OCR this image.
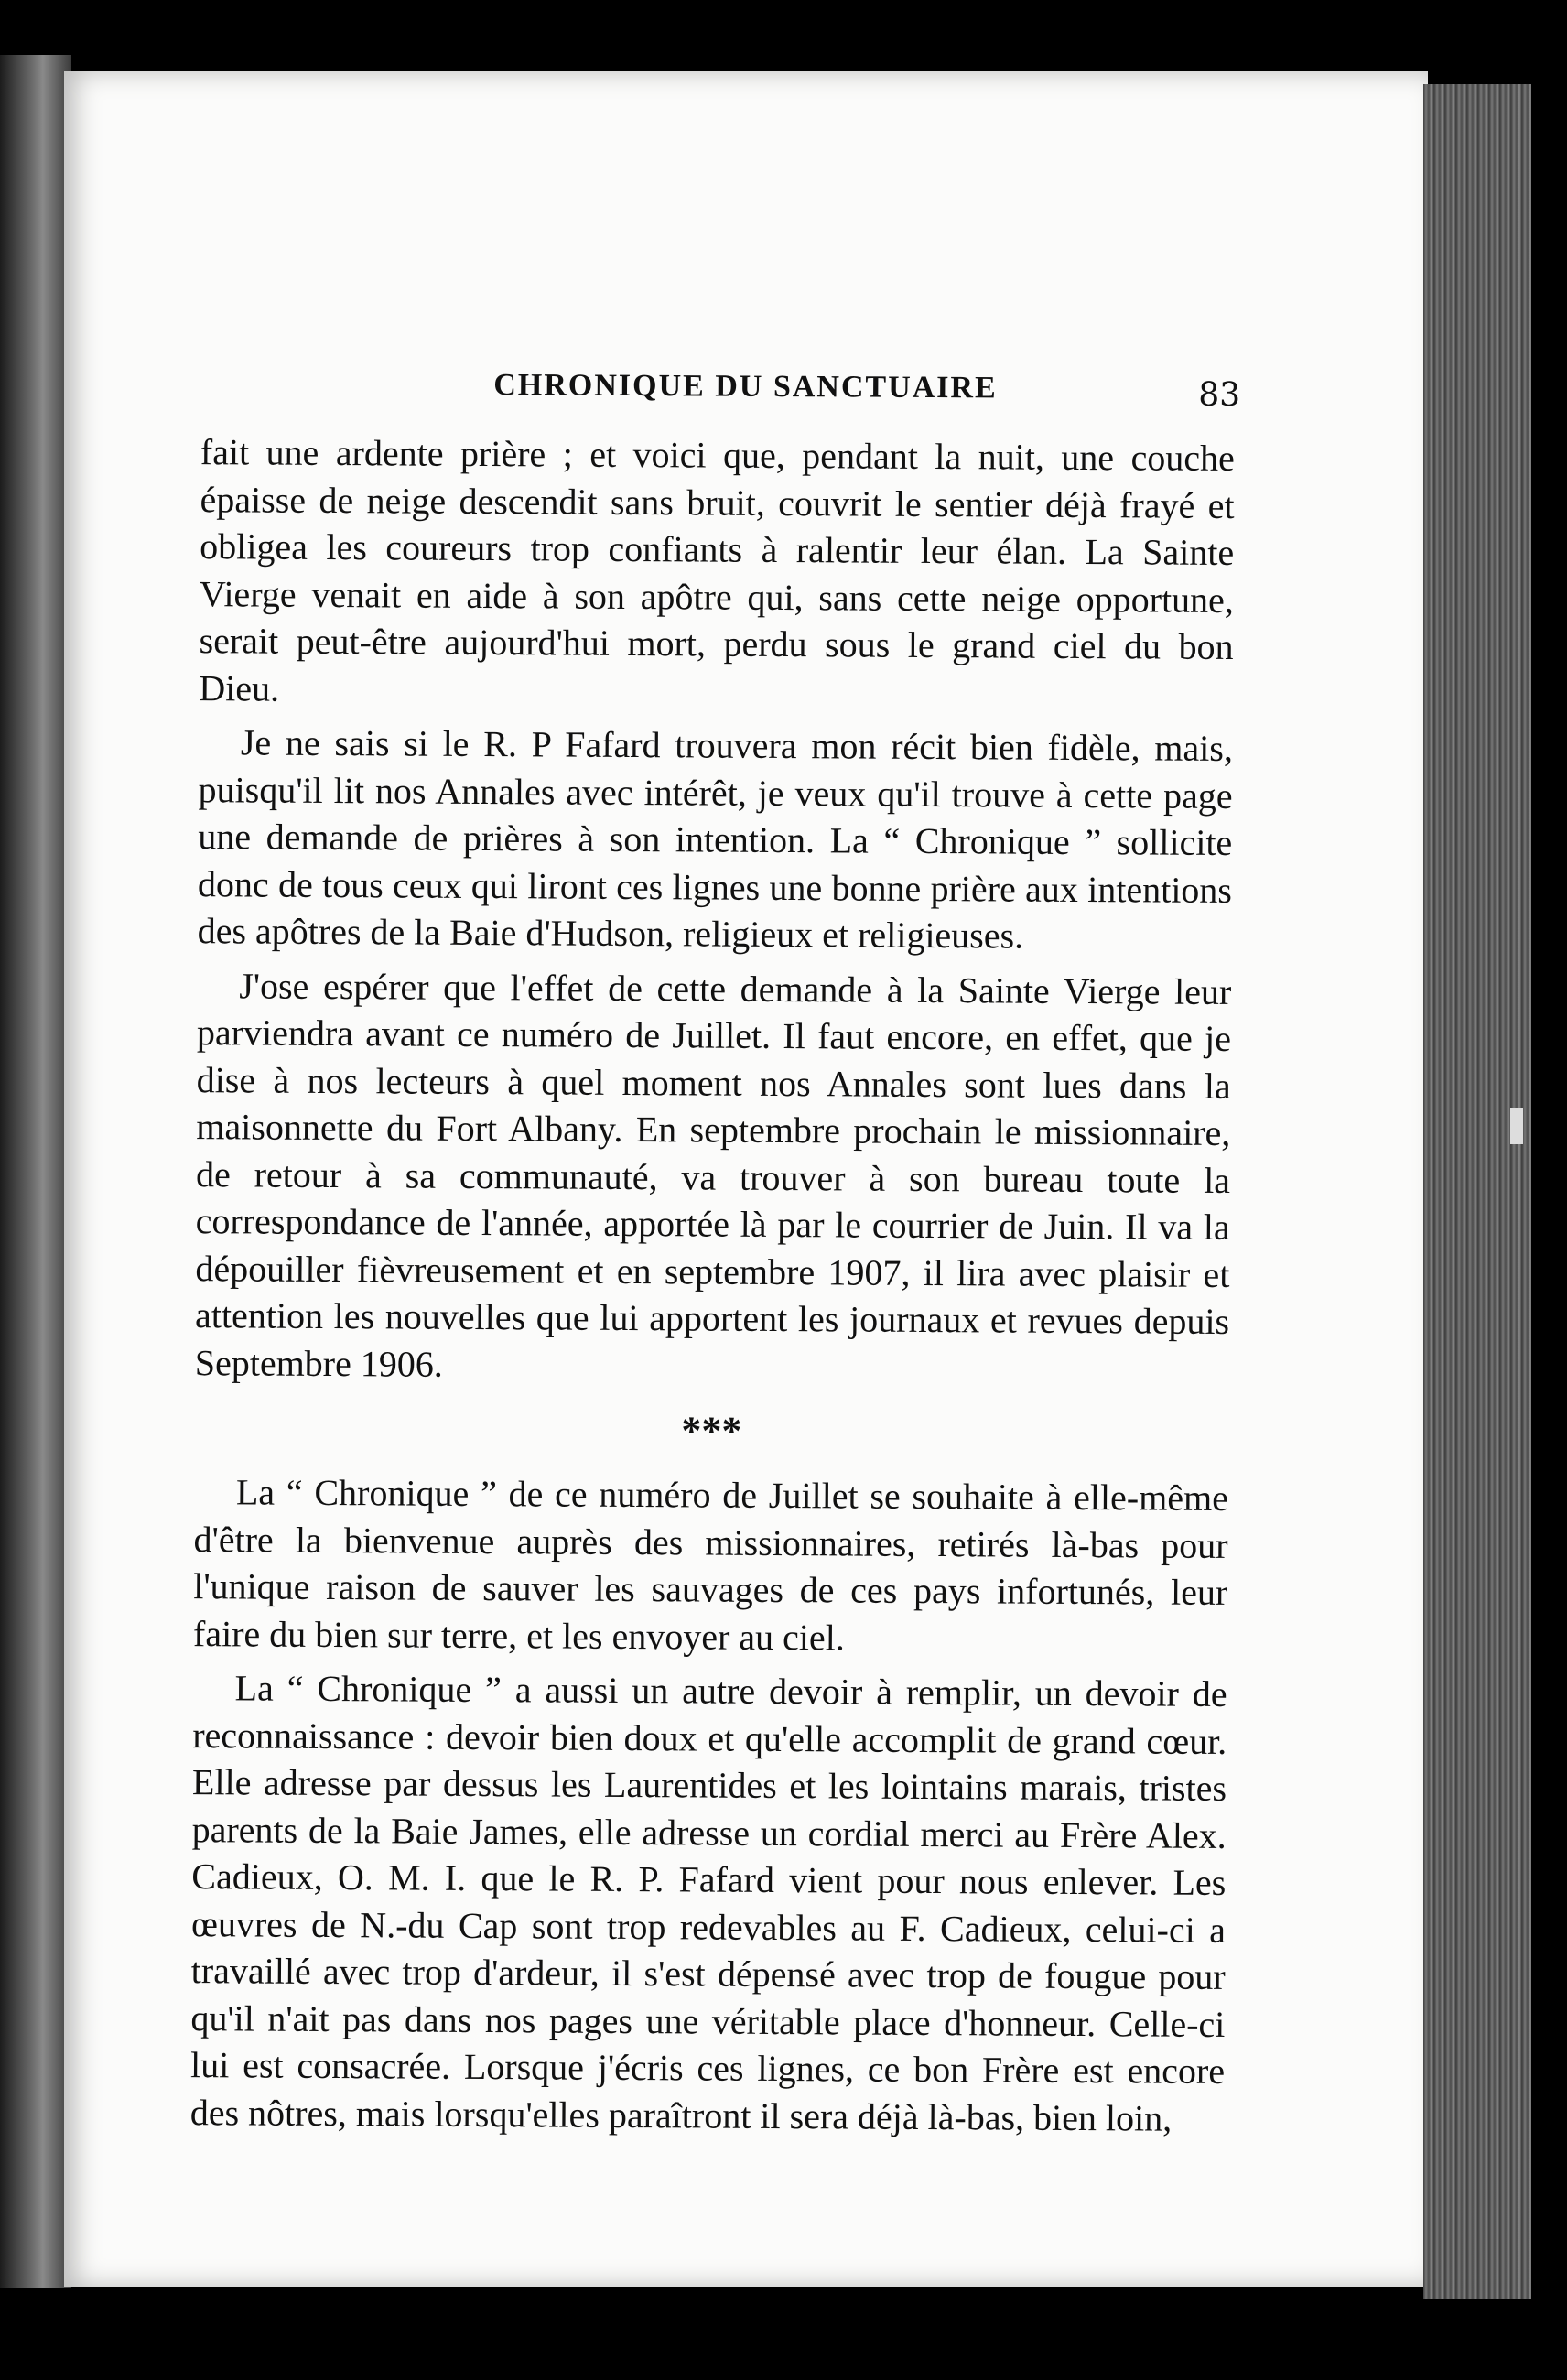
CHRONIQUE DU SANCTUAIRE	83

fait une ardente prière ; et voici que, pendant la nuit, une couche épaisse de neige descendit sans bruit, couvrit le sentier déjà frayé et obligea les coureurs trop confiants à ralentir leur élan. La Sainte Vierge venait en aide à son apôtre qui, sans cette neige opportune, serait peut-être aujourd'hui mort, perdu sous le grand ciel du bon Dieu.

Je ne sais si le R. P Fafard trouvera mon récit bien fidèle, mais, puisqu'il lit nos Annales avec intérêt, je veux qu'il trouve à cette page une demande de prières à son intention. La “ Chronique ” sollicite donc de tous ceux qui liront ces lignes une bonne prière aux intentions des apôtres de la Baie d'Hudson, religieux et religieuses.

J'ose espérer que l'effet de cette demande à la Sainte Vierge leur parviendra avant ce numéro de Juillet. Il faut encore, en effet, que je dise à nos lecteurs à quel moment nos Annales sont lues dans la maisonnette du Fort Albany. En septembre prochain le missionnaire, de retour à sa communauté, va trouver à son bureau toute la correspondance de l'année, apportée là par le courrier de Juin. Il va la dépouiller fièvreusement et en septembre 1907, il lira avec plaisir et attention les nouvelles que lui apportent les journaux et revues depuis Septembre 1906.

***

La “ Chronique ” de ce numéro de Juillet se souhaite à elle-même d'être la bienvenue auprès des missionnaires, retirés là-bas pour l'unique raison de sauver les sauvages de ces pays infortunés, leur faire du bien sur terre, et les envoyer au ciel.

La “ Chronique ” a aussi un autre devoir à remplir, un devoir de reconnaissance : devoir bien doux et qu'elle accomplit de grand cœur. Elle adresse par dessus les Laurentides et les lointains marais, tristes parents de la Baie James, elle adresse un cordial merci au Frère Alex. Cadieux, O. M. I. que le R. P. Fafard vient pour nous enlever. Les œuvres de N.-du Cap sont trop redevables au F. Cadieux, celui-ci a travaillé avec trop d'ardeur, il s'est dépensé avec trop de fougue pour qu'il n'ait pas dans nos pages une véritable place d'honneur. Celle-ci lui est consacrée. Lorsque j'écris ces lignes, ce bon Frère est encore des nôtres, mais lorsqu'elles paraîtront il sera déjà là-bas, bien loin,
